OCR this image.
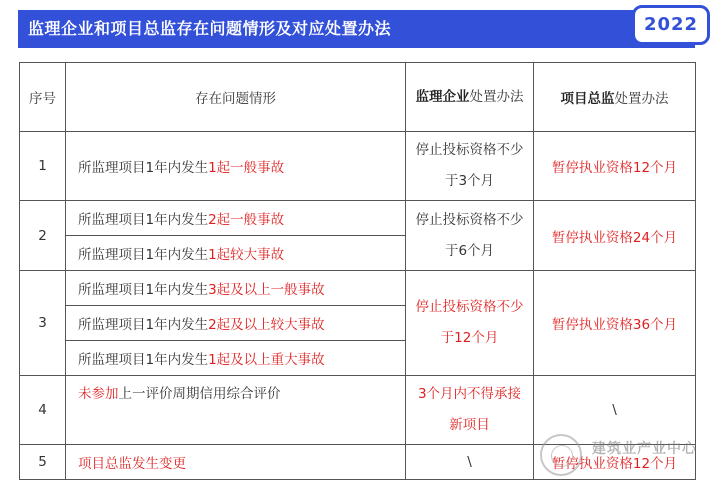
监理企业和项目总监存在问题情形及对应处置办法	2022
序号	存在问题情形	监理企业处置办法	项目总监处置办法
1	所监理项目1年内发生1起一般事故	停止投标资格不少于3个月	暂停执业资格12个月
2	所监理项目1年内发生2起一般事故	停止投标资格不少于6个月	暂停执业资格24个月
	所监理项目1年内发生1起较大事故		
3	所监理项目1年内发生3起及以上一般事故	停止投标资格不少于12个月	暂停执业资格36个月
	所监理项目1年内发生2起及以上较大事故		
	所监理项目1年内发生1起及以上重大事故		
4	未参加上一评价周期信用综合评价	3个月内不得承接新项目	\
5	项目总监发生变更	\	暂停执业资格12个月
建筑业产业中心
